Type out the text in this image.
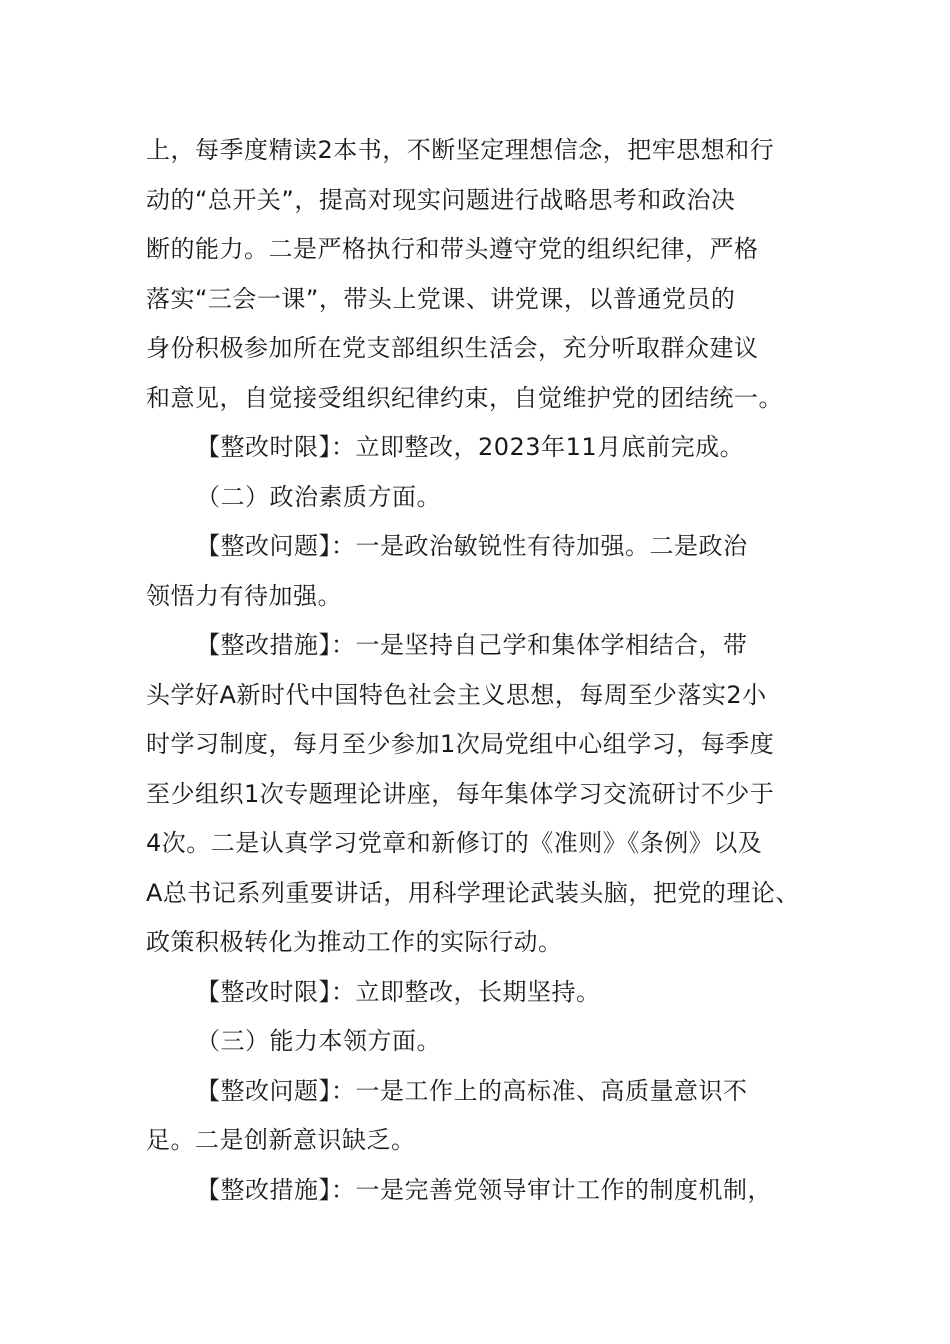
上，每季度精读2本书，不断坚定理想信念，把牢思想和行
动的“总开关”，提高对现实问题进行战略思考和政治决
断的能力。二是严格执行和带头遵守党的组织纪律，严格
落实“三会一课”，带头上党课、讲党课，以普通党员的
身份积极参加所在党支部组织生活会，充分听取群众建议
和意见，自觉接受组织纪律约束，自觉维护党的团结统一。
【整改时限】：立即整改，2023年11月底前完成。
（二）政治素质方面。
【整改问题】：一是政治敏锐性有待加强。二是政治
领悟力有待加强。
【整改措施】：一是坚持自己学和集体学相结合，带
头学好A新时代中国特色社会主义思想，每周至少落实2小
时学习制度，每月至少参加1次局党组中心组学习，每季度
至少组织1次专题理论讲座，每年集体学习交流研讨不少于
4次。二是认真学习党章和新修订的《准则》《条例》以及
A总书记系列重要讲话，用科学理论武装头脑，把党的理论、
政策积极转化为推动工作的实际行动。
【整改时限】：立即整改，长期坚持。
（三）能力本领方面。
【整改问题】：一是工作上的高标准、高质量意识不
足。二是创新意识缺乏。
【整改措施】：一是完善党领导审计工作的制度机制，
